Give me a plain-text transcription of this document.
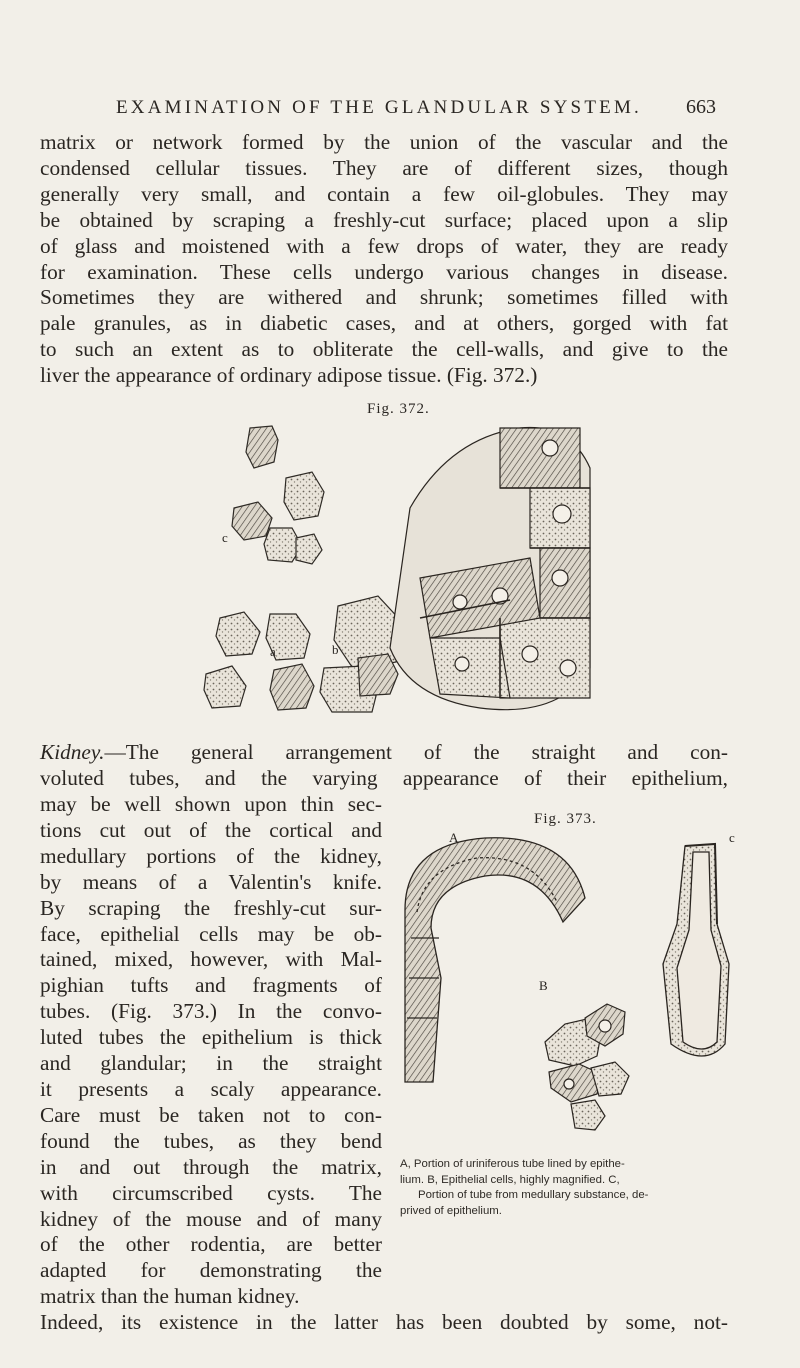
EXAMINATION OF THE GLANDULAR SYSTEM. 663

matrix or network formed by the union of the vascular and the
condensed cellular tissues. They are of different sizes, though
generally very small, and contain a few oil-globules. They may
be obtained by scraping a freshly-cut surface; placed upon a slip
of glass and moistened with a few drops of water, they are ready
for examination. These cells undergo various changes in disease.
Sometimes they are withered and shrunk; sometimes filled with
pale granules, as in diabetic cases, and at others, gorged with fat
to such an extent as to obliterate the cell-walls, and give to the
liver the appearance of ordinary adipose tissue. (Fig. 372.)

Fig. 372.
c
a	b

Kidney.—The general arrangement of the straight and con-
voluted tubes, and the varying appearance of their epithelium,

may be well shown upon thin sec-
tions cut out of the cortical and
medullary portions of the kidney,
by means of a Valentin's knife.
By scraping the freshly-cut sur-
face, epithelial cells may be ob-
tained, mixed, however, with Mal-
pighian tufts and fragments of
tubes. (Fig. 373.) In the convo-
luted tubes the epithelium is thick
and glandular; in the straight
it presents a scaly appearance.
Care must be taken not to con-
found the tubes, as they bend
in and out through the matrix,
with circumscribed cysts. The
kidney of the mouse and of many
of the other rodentia, are better
adapted for demonstrating the

matrix than the human kidney.
Indeed, its existence in the latter has been doubted by some, not-

Fig. 373.
A	c
B
A, Portion of uriniferous tube lined by epithe-
lium. B, Epithelial cells, highly magnified. C,
Portion of tube from medullary substance, de-
prived of epithelium.
